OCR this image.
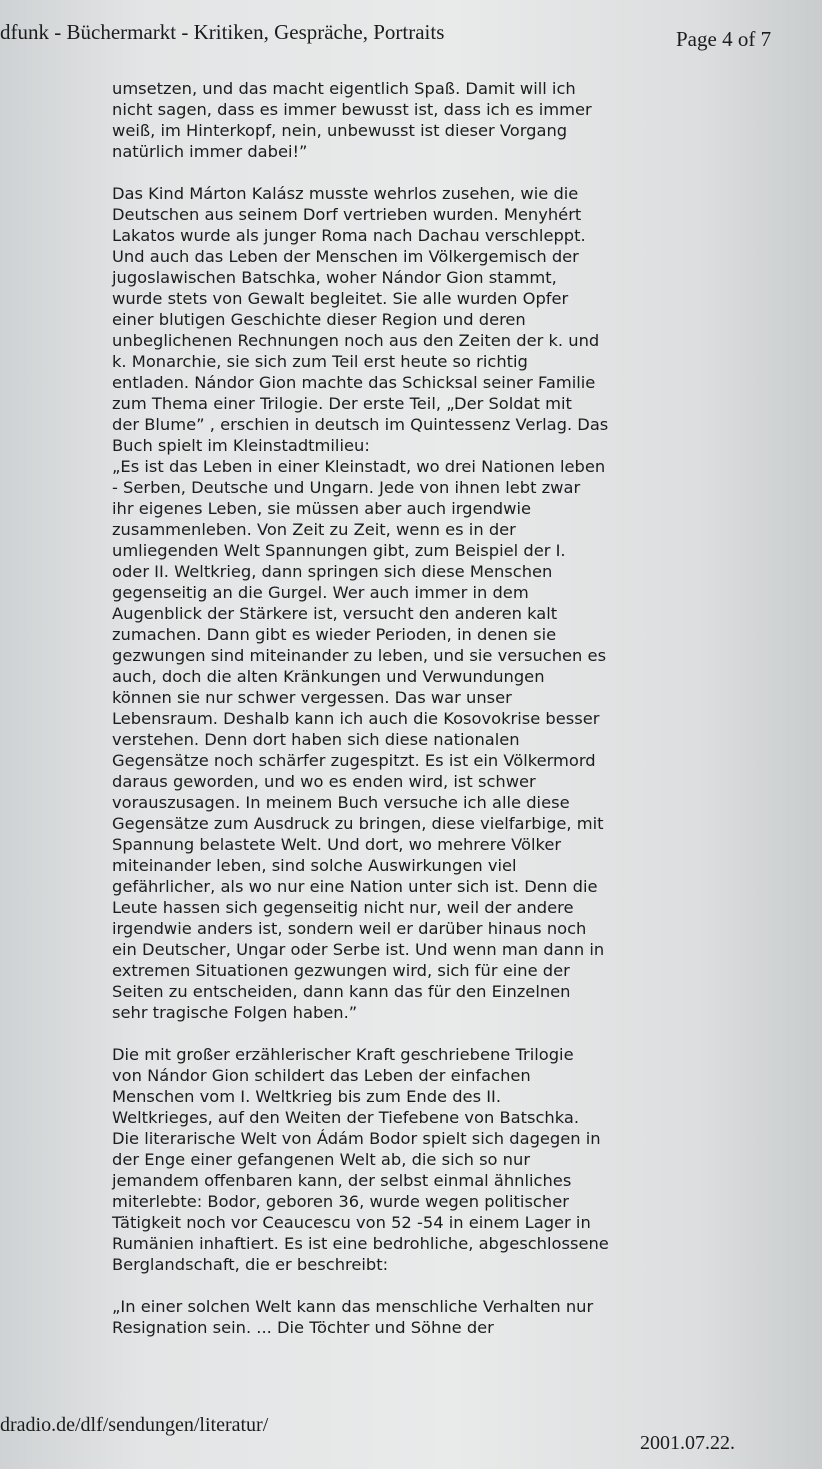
dfunk - Büchermarkt - Kritiken, Gespräche, Portraits	Page 4 of 7
umsetzen, und das macht eigentlich Spaß. Damit will ich
nicht sagen, dass es immer bewusst ist, dass ich es immer
weiß, im Hinterkopf, nein, unbewusst ist dieser Vorgang
natürlich immer dabei!”
Das Kind Márton Kalász musste wehrlos zusehen, wie die
Deutschen aus seinem Dorf vertrieben wurden. Menyhért
Lakatos wurde als junger Roma nach Dachau verschleppt.
Und auch das Leben der Menschen im Völkergemisch der
jugoslawischen Batschka, woher Nándor Gion stammt,
wurde stets von Gewalt begleitet. Sie alle wurden Opfer
einer blutigen Geschichte dieser Region und deren
unbeglichenen Rechnungen noch aus den Zeiten der k. und
k. Monarchie, sie sich zum Teil erst heute so richtig
entladen. Nándor Gion machte das Schicksal seiner Familie
zum Thema einer Trilogie. Der erste Teil, „Der Soldat mit
der Blume” , erschien in deutsch im Quintessenz Verlag. Das
Buch spielt im Kleinstadtmilieu:
„Es ist das Leben in einer Kleinstadt, wo drei Nationen leben
- Serben, Deutsche und Ungarn. Jede von ihnen lebt zwar
ihr eigenes Leben, sie müssen aber auch irgendwie
zusammenleben. Von Zeit zu Zeit, wenn es in der
umliegenden Welt Spannungen gibt, zum Beispiel der I.
oder II. Weltkrieg, dann springen sich diese Menschen
gegenseitig an die Gurgel. Wer auch immer in dem
Augenblick der Stärkere ist, versucht den anderen kalt
zumachen. Dann gibt es wieder Perioden, in denen sie
gezwungen sind miteinander zu leben, und sie versuchen es
auch, doch die alten Kränkungen und Verwundungen
können sie nur schwer vergessen. Das war unser
Lebensraum. Deshalb kann ich auch die Kosovokrise besser
verstehen. Denn dort haben sich diese nationalen
Gegensätze noch schärfer zugespitzt. Es ist ein Völkermord
daraus geworden, und wo es enden wird, ist schwer
vorauszusagen. In meinem Buch versuche ich alle diese
Gegensätze zum Ausdruck zu bringen, diese vielfarbige, mit
Spannung belastete Welt. Und dort, wo mehrere Völker
miteinander leben, sind solche Auswirkungen viel
gefährlicher, als wo nur eine Nation unter sich ist. Denn die
Leute hassen sich gegenseitig nicht nur, weil der andere
irgendwie anders ist, sondern weil er darüber hinaus noch
ein Deutscher, Ungar oder Serbe ist. Und wenn man dann in
extremen Situationen gezwungen wird, sich für eine der
Seiten zu entscheiden, dann kann das für den Einzelnen
sehr tragische Folgen haben.”
Die mit großer erzählerischer Kraft geschriebene Trilogie
von Nándor Gion schildert das Leben der einfachen
Menschen vom I. Weltkrieg bis zum Ende des II.
Weltkrieges, auf den Weiten der Tiefebene von Batschka.
Die literarische Welt von Ádám Bodor spielt sich dagegen in
der Enge einer gefangenen Welt ab, die sich so nur
jemandem offenbaren kann, der selbst einmal ähnliches
miterlebte: Bodor, geboren 36, wurde wegen politischer
Tätigkeit noch vor Ceaucescu von 52 -54 in einem Lager in
Rumänien inhaftiert. Es ist eine bedrohliche, abgeschlossene
Berglandschaft, die er beschreibt:
„In einer solchen Welt kann das menschliche Verhalten nur
Resignation sein. ... Die Töchter und Söhne der
dradio.de/dlf/sendungen/literatur/
2001.07.22.
